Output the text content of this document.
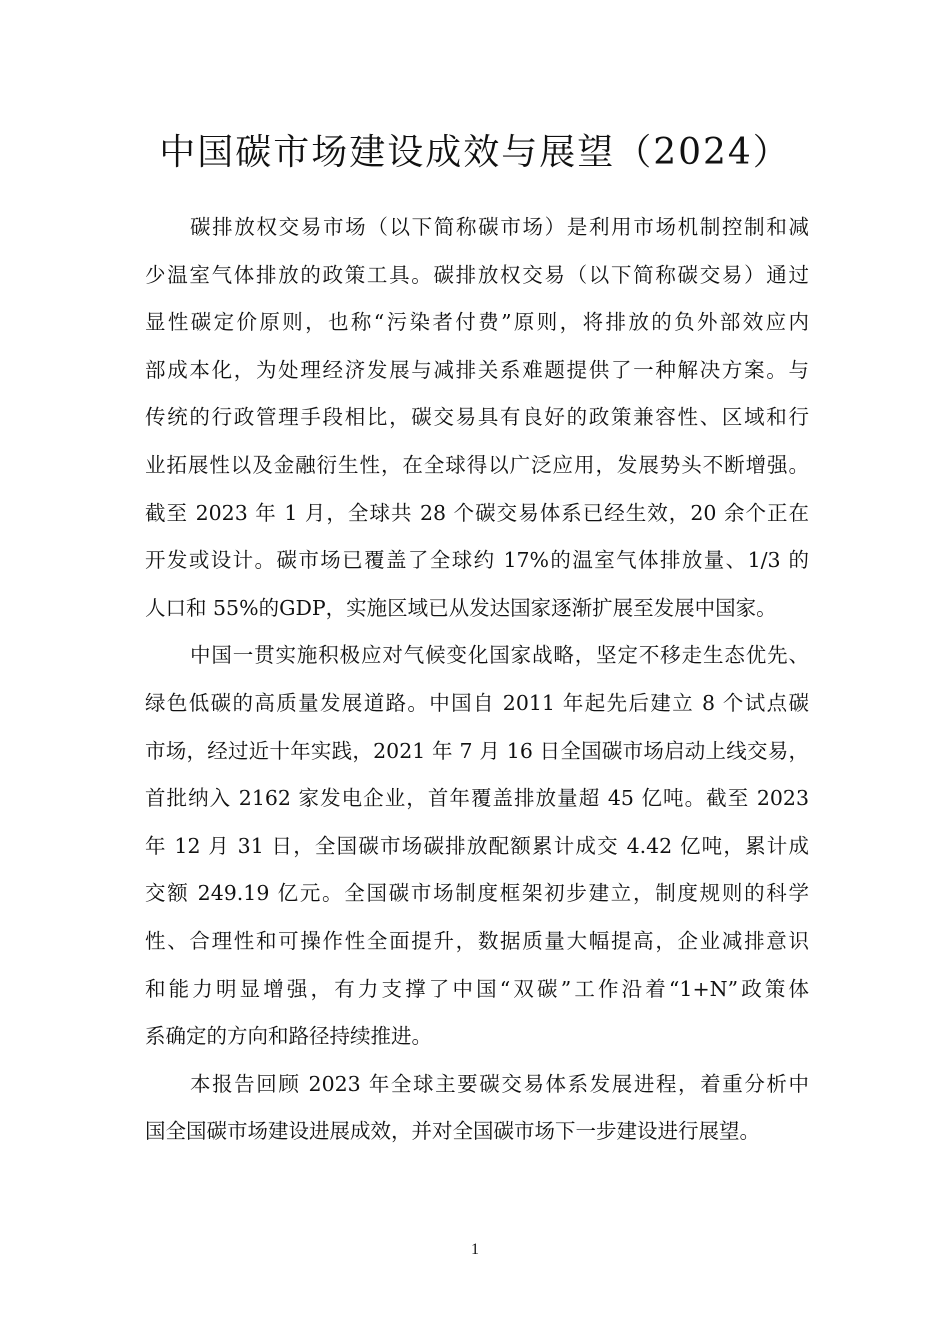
中国碳市场建设成效与展望（2024）
碳排放权交易市场（以下简称碳市场）是利用市场机制控制和减
少温室气体排放的政策工具。碳排放权交易（以下简称碳交易）通过
显性碳定价原则，也称“污染者付费”原则，将排放的负外部效应内
部成本化，为处理经济发展与减排关系难题提供了一种解决方案。与
传统的行政管理手段相比，碳交易具有良好的政策兼容性、区域和行
业拓展性以及金融衍生性，在全球得以广泛应用，发展势头不断增强。
截至 2023 年 1 月，全球共 28 个碳交易体系已经生效，20 余个正在
开发或设计。碳市场已覆盖了全球约 17%的温室气体排放量、1/3 的
人口和 55%的GDP，实施区域已从发达国家逐渐扩展至发展中国家。
中国一贯实施积极应对气候变化国家战略，坚定不移走生态优先、
绿色低碳的高质量发展道路。中国自 2011 年起先后建立 8 个试点碳
市场，经过近十年实践，2021 年 7 月 16 日全国碳市场启动上线交易，
首批纳入 2162 家发电企业，首年覆盖排放量超 45 亿吨。截至 2023
年 12 月 31 日，全国碳市场碳排放配额累计成交 4.42 亿吨，累计成
交额 249.19 亿元。全国碳市场制度框架初步建立，制度规则的科学
性、合理性和可操作性全面提升，数据质量大幅提高，企业减排意识
和能力明显增强，有力支撑了中国“双碳”工作沿着“1+N”政策体
系确定的方向和路径持续推进。
本报告回顾 2023 年全球主要碳交易体系发展进程，着重分析中
国全国碳市场建设进展成效，并对全国碳市场下一步建设进行展望。
1
